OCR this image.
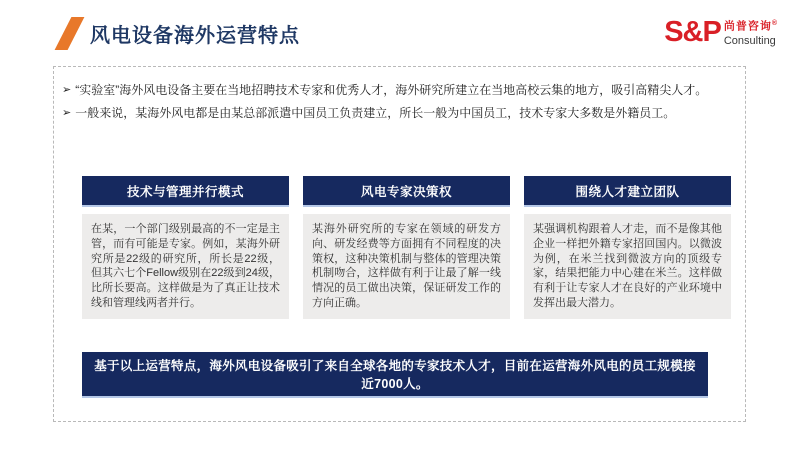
风电设备海外运营特点	S&P 尚普咨询®
Consulting
➢ “实验室”海外风电设备主要在当地招聘技术专家和优秀人才，海外研究所建立在当地高校云集的地方，吸引高精尖人才。
➢ 一般来说，某海外风电都是由某总部派遣中国员工负责建立，所长一般为中国员工，技术专家大多数是外籍员工。
技术与管理并行模式
在某，一个部门级别最高的不一定是主管，而有可能是专家。例如，某海外研究所是22级的研究所，所长是22级，但其六七个Fellow级别在22级到24级，比所长要高。这样做是为了真正让技术线和管理线两者并行。
风电专家决策权
某海外研究所的专家在领域的研发方向、研发经费等方面拥有不同程度的决策权，这种决策机制与整体的管理决策机制吻合，这样做有利于让最了解一线情况的员工做出决策，保证研发工作的方向正确。
围绕人才建立团队
某强调机构跟着人才走，而不是像其他企业一样把外籍专家招回国内。以微波为例，在米兰找到微波方向的顶级专家，结果把能力中心建在米兰。这样做有利于让专家人才在良好的产业环境中发挥出最大潜力。
基于以上运营特点，海外风电设备吸引了来自全球各地的专家技术人才，目前在运营海外风电的员工规模接近7000人。
